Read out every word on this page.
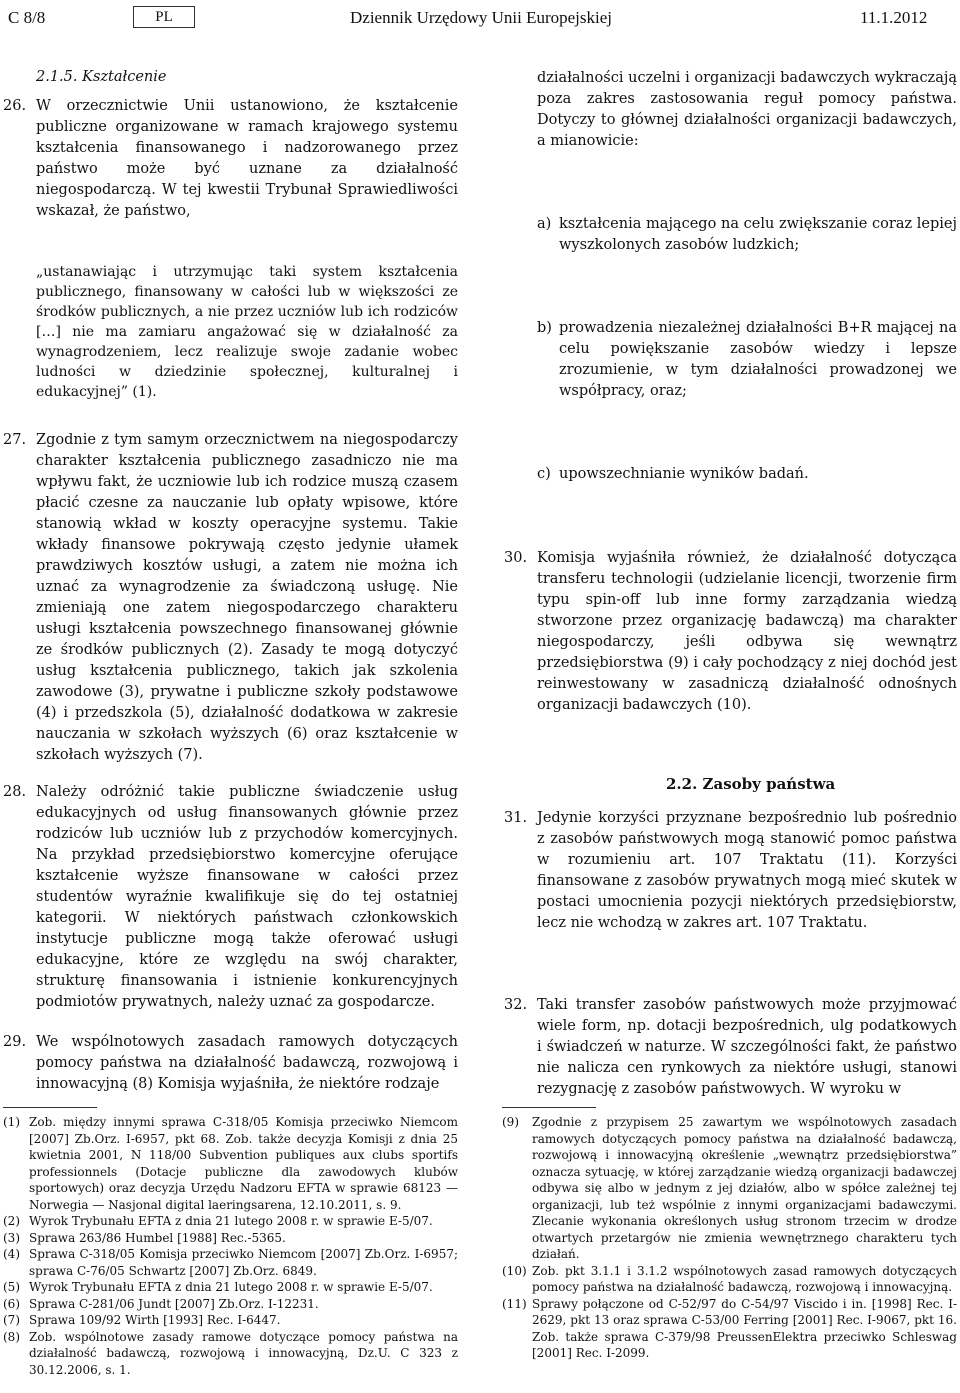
C 8/8	PL	Dziennik Urzędowy Unii Europejskiej	11.1.2012
2.1.5. Kształcenie
26. W orzecznictwie Unii ustanowiono, że kształcenie publiczne organizowane w ramach krajowego systemu kształcenia finansowanego i nadzorowanego przez państwo może być uznane za działalność niegospodarczą. W tej kwestii Trybunał Sprawiedliwości wskazał, że państwo,
„ustanawiając i utrzymując taki system kształcenia publicznego, finansowany w całości lub w większości ze środków publicznych, a nie przez uczniów lub ich rodziców […] nie ma zamiaru angażować się w działalność za wynagrodzeniem, lecz realizuje swoje zadanie wobec ludności w dziedzinie społecznej, kulturalnej i edukacyjnej” (1).
27. Zgodnie z tym samym orzecznictwem na niegospodarczy charakter kształcenia publicznego zasadniczo nie ma wpływu fakt, że uczniowie lub ich rodzice muszą czasem płacić czesne za nauczanie lub opłaty wpisowe, które stanowią wkład w koszty operacyjne systemu. Takie wkłady finansowe pokrywają często jedynie ułamek prawdziwych kosztów usługi, a zatem nie można ich uznać za wynagrodzenie za świadczoną usługę. Nie zmieniają one zatem niegospodarczego charakteru usługi kształcenia powszechnego finansowanej głównie ze środków publicznych (2). Zasady te mogą dotyczyć usług kształcenia publicznego, takich jak szkolenia zawodowe (3), prywatne i publiczne szkoły podstawowe (4) i przedszkola (5), działalność dodatkowa w zakresie nauczania w szkołach wyższych (6) oraz kształcenie w szkołach wyższych (7).
28. Należy odróżnić takie publiczne świadczenie usług edukacyjnych od usług finansowanych głównie przez rodziców lub uczniów lub z przychodów komercyjnych. Na przykład przedsiębiorstwo komercyjne oferujące kształcenie wyższe finansowane w całości przez studentów wyraźnie kwalifikuje się do tej ostatniej kategorii. W niektórych państwach członkowskich instytucje publiczne mogą także oferować usługi edukacyjne, które ze względu na swój charakter, strukturę finansowania i istnienie konkurencyjnych podmiotów prywatnych, należy uznać za gospodarcze.
29. We wspólnotowych zasadach ramowych dotyczących pomocy państwa na działalność badawczą, rozwojową i innowacyjną (8) Komisja wyjaśniła, że niektóre rodzaje
działalności uczelni i organizacji badawczych wykraczają poza zakres zastosowania reguł pomocy państwa. Dotyczy to głównej działalności organizacji badawczych, a mianowicie:
a) kształcenia mającego na celu zwiększanie coraz lepiej wyszkolonych zasobów ludzkich;
b) prowadzenia niezależnej działalności B+R mającej na celu powiększanie zasobów wiedzy i lepsze zrozumienie, w tym działalności prowadzonej we współpracy, oraz;
c) upowszechnianie wyników badań.
30. Komisja wyjaśniła również, że działalność dotycząca transferu technologii (udzielanie licencji, tworzenie firm typu spin-off lub inne formy zarządzania wiedzą stworzone przez organizację badawczą) ma charakter niegospodarczy, jeśli odbywa się wewnątrz przedsiębiorstwa (9) i cały pochodzący z niej dochód jest reinwestowany w zasadniczą działalność odnośnych organizacji badawczych (10).
2.2. Zasoby państwa
31. Jedynie korzyści przyznane bezpośrednio lub pośrednio z zasobów państwowych mogą stanowić pomoc państwa w rozumieniu art. 107 Traktatu (11). Korzyści finansowane z zasobów prywatnych mogą mieć skutek w postaci umocnienia pozycji niektórych przedsiębiorstw, lecz nie wchodzą w zakres art. 107 Traktatu.
32. Taki transfer zasobów państwowych może przyjmować wiele form, np. dotacji bezpośrednich, ulg podatkowych i świadczeń w naturze. W szczególności fakt, że państwo nie nalicza cen rynkowych za niektóre usługi, stanowi rezygnację z zasobów państwowych. W wyroku w
(1) Zob. między innymi sprawa C-318/05 Komisja przeciwko Niemcom [2007] Zb.Orz. I-6957, pkt 68. Zob. także decyzja Komisji z dnia 25 kwietnia 2001, N 118/00 Subvention publiques aux clubs sportifs professionnels (Dotacje publiczne dla zawodowych klubów sportowych) oraz decyzja Urzędu Nadzoru EFTA w sprawie 68123 — Norwegia — Nasjonal digital laeringsarena, 12.10.2011, s. 9.
(2) Wyrok Trybunału EFTA z dnia 21 lutego 2008 r. w sprawie E-5/07.
(3) Sprawa 263/86 Humbel [1988] Rec.-5365.
(4) Sprawa C-318/05 Komisja przeciwko Niemcom [2007] Zb.Orz. I-6957; sprawa C-76/05 Schwartz [2007] Zb.Orz. 6849.
(5) Wyrok Trybunału EFTA z dnia 21 lutego 2008 r. w sprawie E-5/07.
(6) Sprawa C-281/06 Jundt [2007] Zb.Orz. I-12231.
(7) Sprawa 109/92 Wirth [1993] Rec. I-6447.
(8) Zob. wspólnotowe zasady ramowe dotyczące pomocy państwa na działalność badawczą, rozwojową i innowacyjną, Dz.U. C 323 z 30.12.2006, s. 1.
(9) Zgodnie z przypisem 25 zawartym we wspólnotowych zasadach ramowych dotyczących pomocy państwa na działalność badawczą, rozwojową i innowacyjną określenie „wewnątrz przedsiębiorstwa” oznacza sytuację, w której zarządzanie wiedzą organizacji badawczej odbywa się albo w jednym z jej działów, albo w spółce zależnej tej organizacji, lub też wspólnie z innymi organizacjami badawczymi. Zlecanie wykonania określonych usług stronom trzecim w drodze otwartych przetargów nie zmienia wewnętrznego charakteru tych działań.
(10) Zob. pkt 3.1.1 i 3.1.2 wspólnotowych zasad ramowych dotyczących pomocy państwa na działalność badawczą, rozwojową i innowacyjną.
(11) Sprawy połączone od C-52/97 do C-54/97 Viscido i in. [1998] Rec. I-2629, pkt 13 oraz sprawa C-53/00 Ferring [2001] Rec. I-9067, pkt 16. Zob. także sprawa C-379/98 PreussenElektra przeciwko Schleswag [2001] Rec. I-2099.
